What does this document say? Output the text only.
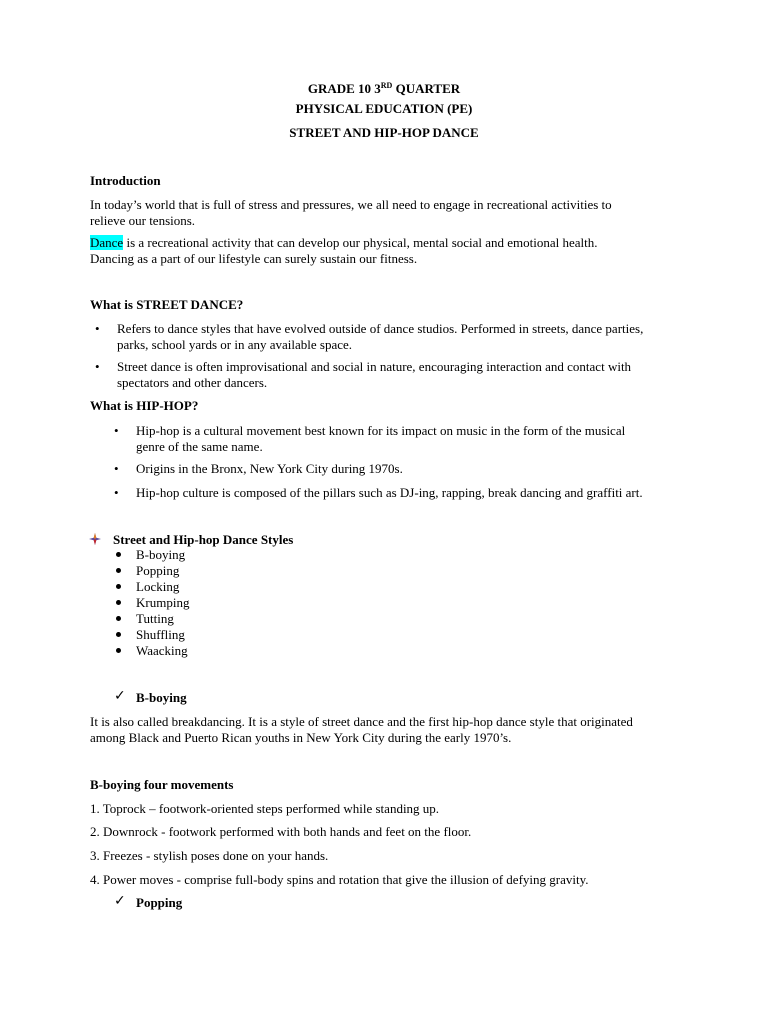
GRADE 10 3RD QUARTER
PHYSICAL EDUCATION (PE)
STREET AND HIP-HOP DANCE
Introduction
In today’s world that is full of stress and pressures, we all need to engage in recreational activities to
relieve our tensions.
Dance is a recreational activity that can develop our physical, mental social and emotional health.
Dancing as a part of our lifestyle can surely sustain our fitness.
What is STREET DANCE?
• Refers to dance styles that have evolved outside of dance studios. Performed in streets, dance parties,
parks, school yards or in any available space.
• Street dance is often improvisational and social in nature, encouraging interaction and contact with
spectators and other dancers.
What is HIP-HOP?
• Hip-hop is a cultural movement best known for its impact on music in the form of the musical
genre of the same name.
• Origins in the Bronx, New York City during 1970s.
• Hip-hop culture is composed of the pillars such as DJ-ing, rapping, break dancing and graffiti art.
Street and Hip-hop Dance Styles
B-boying
Popping
Locking
Krumping
Tutting
Shuffling
Waacking
✓ B-boying
It is also called breakdancing. It is a style of street dance and the first hip-hop dance style that originated
among Black and Puerto Rican youths in New York City during the early 1970’s.
B-boying four movements
1. Toprock – footwork-oriented steps performed while standing up.
2. Downrock - footwork performed with both hands and feet on the floor.
3. Freezes - stylish poses done on your hands.
4. Power moves - comprise full-body spins and rotation that give the illusion of defying gravity.
✓ Popping
